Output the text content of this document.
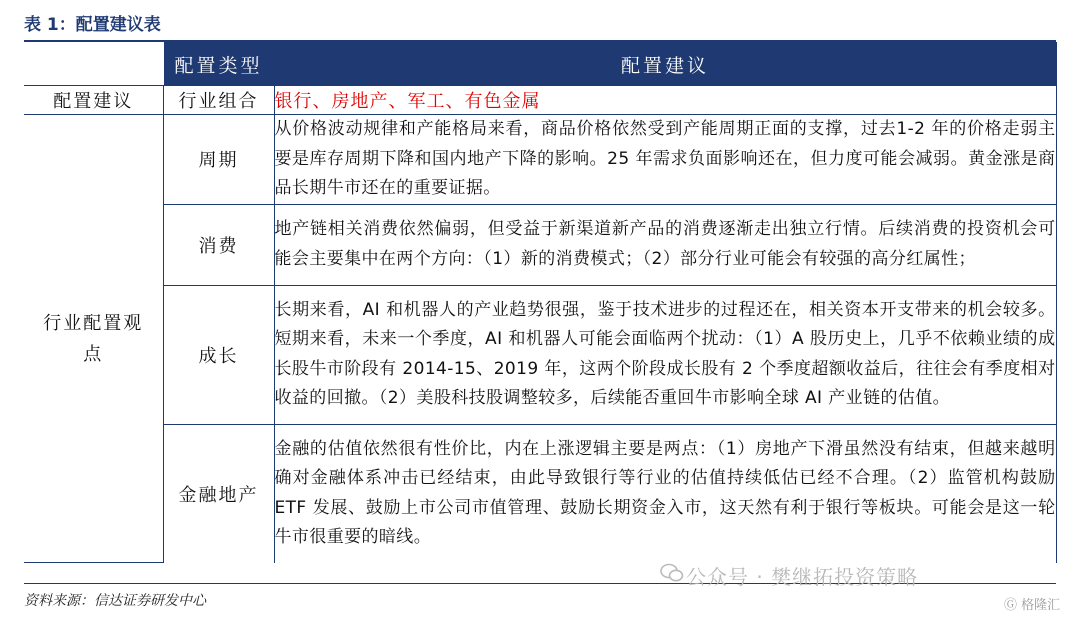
表 1：配置建议表
	配置类型	配置建议
配置建议	行业组合	银行、房地产、军工、有色金属
行业配置观点	周期	从价格波动规律和产能格局来看，商品价格依然受到产能周期正面的支撑，过去1-2 年的价格走弱主要是库存周期下降和国内地产下降的影响。25 年需求负面影响还在，但力度可能会减弱。黄金涨是商品长期牛市还在的重要证据。
	消费	地产链相关消费依然偏弱，但受益于新渠道新产品的消费逐渐走出独立行情。后续消费的投资机会可能会主要集中在两个方向：（1）新的消费模式；（2）部分行业可能会有较强的高分红属性；
	成长	长期来看，AI 和机器人的产业趋势很强，鉴于技术进步的过程还在，相关资本开支带来的机会较多。短期来看，未来一个季度，AI 和机器人可能会面临两个扰动：（1）A 股历史上，几乎不依赖业绩的成长股牛市阶段有 2014-15、2019 年，这两个阶段成长股有 2 个季度超额收益后，往往会有季度相对收益的回撤。（2）美股科技股调整较多，后续能否重回牛市影响全球 AI 产业链的估值。
	金融地产	金融的估值依然很有性价比，内在上涨逻辑主要是两点：（1）房地产下滑虽然没有结束，但越来越明确对金融体系冲击已经结束，由此导致银行等行业的估值持续低估已经不合理。（2）监管机构鼓励 ETF 发展、鼓励上市公司市值管理、鼓励长期资金入市，这天然有利于银行等板块。可能会是这一轮牛市很重要的暗线。
公众号 · 樊继拓投资策略
资料来源：信达证券研发中心	Ⓖ 格隆汇
